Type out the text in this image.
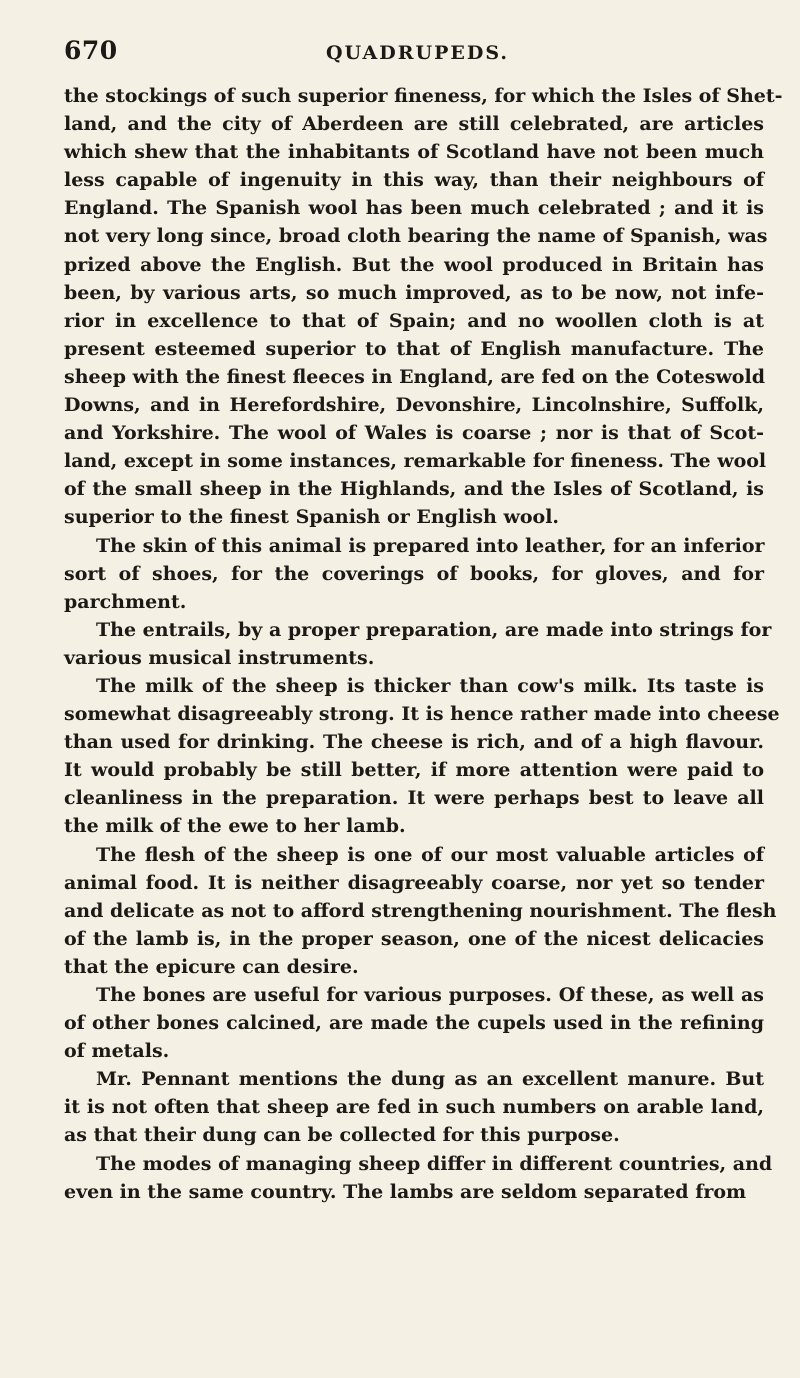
670	QUADRUPEDS.
the stockings of such superior fineness, for which the Isles of Shet-
land, and the city of Aberdeen are still celebrated, are articles
which shew that the inhabitants of Scotland have not been much
less capable of ingenuity in this way, than their neighbours of
England. The Spanish wool has been much celebrated ; and it is
not very long since, broad cloth bearing the name of Spanish, was
prized above the English. But the wool produced in Britain has
been, by various arts, so much improved, as to be now, not infe-
rior in excellence to that of Spain; and no woollen cloth is at
present esteemed superior to that of English manufacture. The
sheep with the finest fleeces in England, are fed on the Coteswold
Downs, and in Herefordshire, Devonshire, Lincolnshire, Suffolk,
and Yorkshire. The wool of Wales is coarse ; nor is that of Scot-
land, except in some instances, remarkable for fineness. The wool
of the small sheep in the Highlands, and the Isles of Scotland, is
superior to the finest Spanish or English wool.
The skin of this animal is prepared into leather, for an inferior
sort of shoes, for the coverings of books, for gloves, and for
parchment.
The entrails, by a proper preparation, are made into strings for
various musical instruments.
The milk of the sheep is thicker than cow's milk. Its taste is
somewhat disagreeably strong. It is hence rather made into cheese
than used for drinking. The cheese is rich, and of a high flavour.
It would probably be still better, if more attention were paid to
cleanliness in the preparation. It were perhaps best to leave all
the milk of the ewe to her lamb.
The flesh of the sheep is one of our most valuable articles of
animal food. It is neither disagreeably coarse, nor yet so tender
and delicate as not to afford strengthening nourishment. The flesh
of the lamb is, in the proper season, one of the nicest delicacies
that the epicure can desire.
The bones are useful for various purposes. Of these, as well as
of other bones calcined, are made the cupels used in the refining
of metals.
Mr. Pennant mentions the dung as an excellent manure. But
it is not often that sheep are fed in such numbers on arable land,
as that their dung can be collected for this purpose.
The modes of managing sheep differ in different countries, and
even in the same country. The lambs are seldom separated from
